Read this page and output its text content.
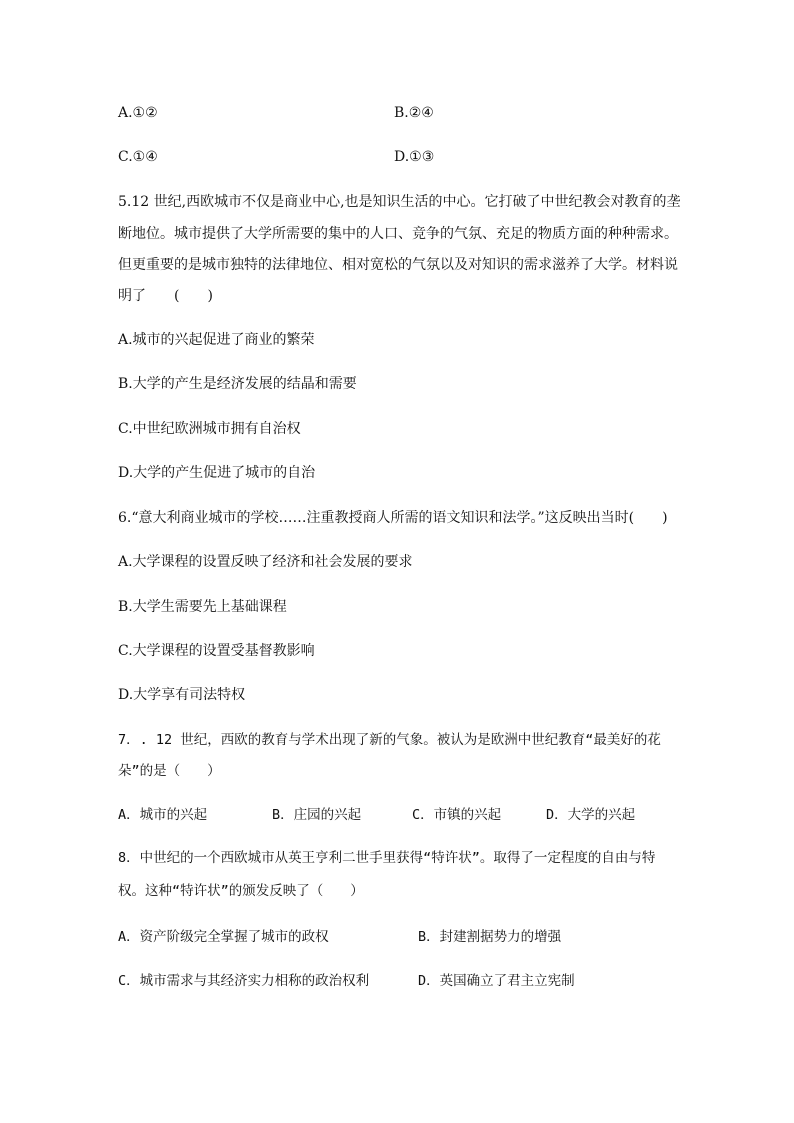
A.①②	B.②④
C.①④	D.①③
5.12 世纪,西欧城市不仅是商业中心,也是知识生活的中心。它打破了中世纪教会对教育的垄
断地位。城市提供了大学所需要的集中的人口、竞争的气氛、充足的物质方面的种种需求。
但更重要的是城市独特的法律地位、相对宽松的气氛以及对知识的需求滋养了大学。材料说
明了　　(　　)
A.城市的兴起促进了商业的繁荣
B.大学的产生是经济发展的结晶和需要
C.中世纪欧洲城市拥有自治权
D.大学的产生促进了城市的自治
6.“意大利商业城市的学校……注重教授商人所需的语文知识和法学。”这反映出当时(　　)
A.大学课程的设置反映了经济和社会发展的要求
B.大学生需要先上基础课程
C.大学课程的设置受基督教影响
D.大学享有司法特权
7．. 12 世纪，西欧的教育与学术出现了新的气象。被认为是欧洲中世纪教育“最美好的花
朵”的是（　　）
A．城市的兴起	B．庄园的兴起	C．市镇的兴起	D．大学的兴起
8．中世纪的一个西欧城市从英王亨利二世手里获得“特许状”。取得了一定程度的自由与特
权。这种“特许状”的颁发反映了（　　）
A．资产阶级完全掌握了城市的政权	B．封建割据势力的增强
C．城市需求与其经济实力相称的政治权利	D．英国确立了君主立宪制
